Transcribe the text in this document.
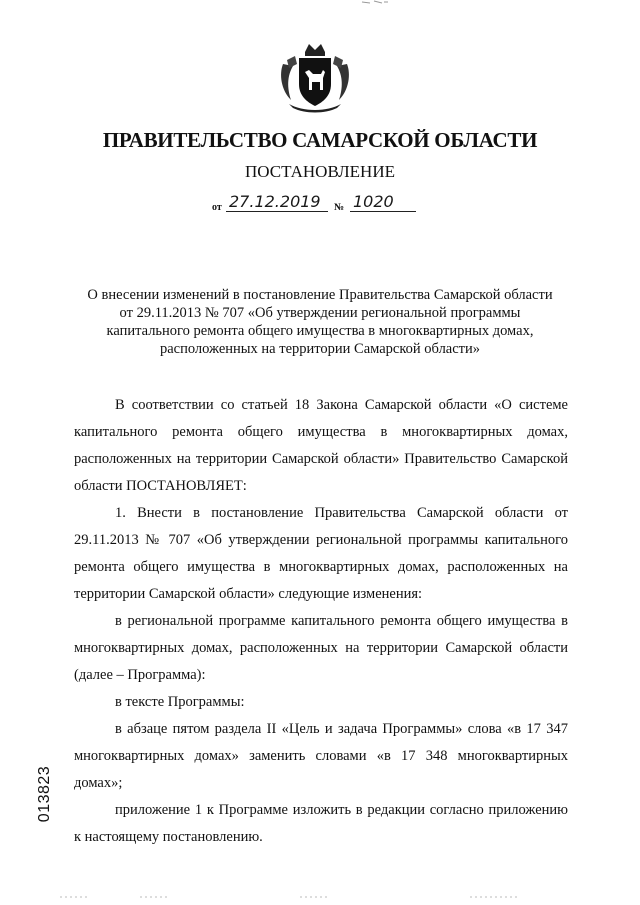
ПРАВИТЕЛЬСТВО САМАРСКОЙ ОБЛАСТИ
ПОСТАНОВЛЕНИЕ
от 27.12.2019	№ 1020
О внесении изменений в постановление Правительства Самарской области
от 29.11.2013 № 707 «Об утверждении региональной программы
капитального ремонта общего имущества в многоквартирных домах,
расположенных на территории Самарской области»

В соответствии со статьей 18 Закона Самарской области «О системе капитального ремонта общего имущества в многоквартирных домах, расположенных на территории Самарской области» Правительство Самарской области ПОСТАНОВЛЯЕТ:

1. Внести в постановление Правительства Самарской области от 29.11.2013 № 707 «Об утверждении региональной программы капитального ремонта общего имущества в многоквартирных домах, расположенных на территории Самарской области» следующие изменения:

в региональной программе капитального ремонта общего имущества в многоквартирных домах, расположенных на территории Самарской области (далее – Программа):

в тексте Программы:

в абзаце пятом раздела II «Цель и задача Программы» слова «в 17 347 многоквартирных домах» заменить словами «в 17 348 многоквартирных домах»;

приложение 1 к Программе изложить в редакции согласно приложению к настоящему постановлению.

013823
